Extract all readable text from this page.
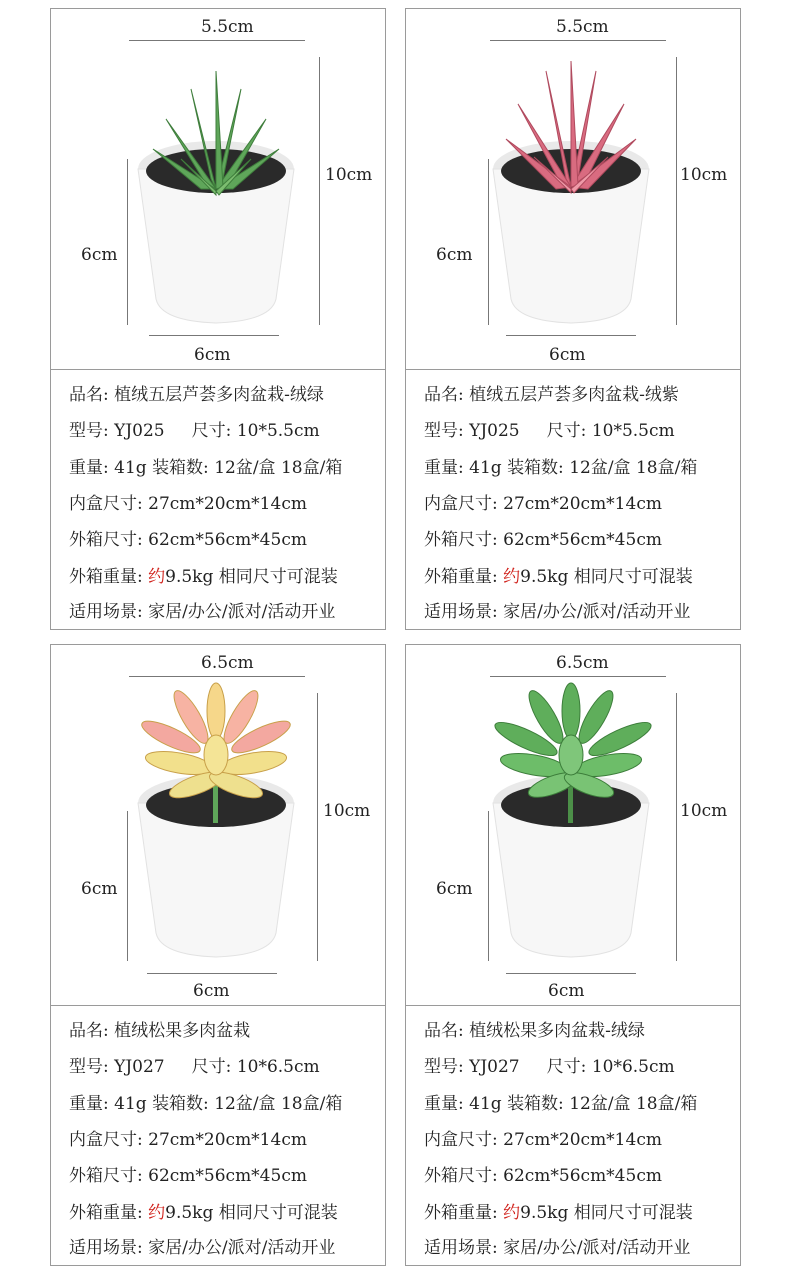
5.5cm
10cm
6cm
6cm
品名: 植绒五层芦荟多肉盆栽-绒绿
型号: YJ025 尺寸: 10*5.5cm
重量: 41g 装箱数: 12盆/盒 18盒/箱
内盒尺寸: 27cm*20cm*14cm
外箱尺寸: 62cm*56cm*45cm
外箱重量: 约9.5kg 相同尺寸可混装
适用场景: 家居/办公/派对/活动开业
5.5cm
10cm
6cm
6cm
品名: 植绒五层芦荟多肉盆栽-绒紫
型号: YJ025 尺寸: 10*5.5cm
重量: 41g 装箱数: 12盆/盒 18盒/箱
内盒尺寸: 27cm*20cm*14cm
外箱尺寸: 62cm*56cm*45cm
外箱重量: 约9.5kg 相同尺寸可混装
适用场景: 家居/办公/派对/活动开业
6.5cm
10cm
6cm
6cm
品名: 植绒松果多肉盆栽
型号: YJ027 尺寸: 10*6.5cm
重量: 41g 装箱数: 12盆/盒 18盒/箱
内盒尺寸: 27cm*20cm*14cm
外箱尺寸: 62cm*56cm*45cm
外箱重量: 约9.5kg 相同尺寸可混装
适用场景: 家居/办公/派对/活动开业
6.5cm
10cm
6cm
6cm
品名: 植绒松果多肉盆栽-绒绿
型号: YJ027 尺寸: 10*6.5cm
重量: 41g 装箱数: 12盆/盒 18盒/箱
内盒尺寸: 27cm*20cm*14cm
外箱尺寸: 62cm*56cm*45cm
外箱重量: 约9.5kg 相同尺寸可混装
适用场景: 家居/办公/派对/活动开业
